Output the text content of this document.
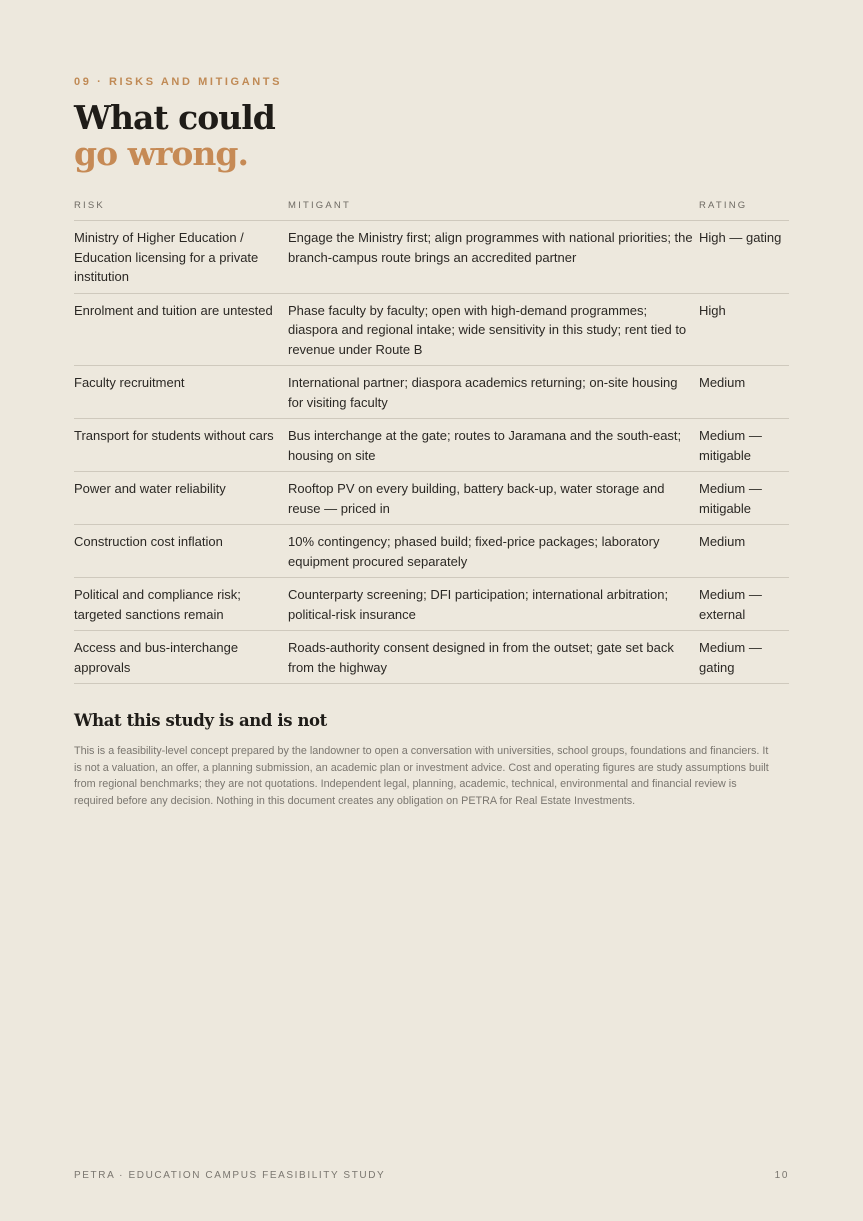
09 · RISKS AND MITIGANTS
What could
go wrong.
RISK	MITIGANT	RATING
Ministry of Higher Education / Education licensing for a private institution	Engage the Ministry first; align programmes with national priorities; the branch-campus route brings an accredited partner	High — gating
Enrolment and tuition are untested	Phase faculty by faculty; open with high-demand programmes; diaspora and regional intake; wide sensitivity in this study; rent tied to revenue under Route B	High
Faculty recruitment	International partner; diaspora academics returning; on-site housing for visiting faculty	Medium
Transport for students without cars	Bus interchange at the gate; routes to Jaramana and the south-east; housing on site	Medium — mitigable
Power and water reliability	Rooftop PV on every building, battery back-up, water storage and reuse — priced in	Medium — mitigable
Construction cost inflation	10% contingency; phased build; fixed-price packages; laboratory equipment procured separately	Medium
Political and compliance risk; targeted sanctions remain	Counterparty screening; DFI participation; international arbitration; political-risk insurance	Medium — external
Access and bus-interchange approvals	Roads-authority consent designed in from the outset; gate set back from the highway	Medium — gating
What this study is and is not
This is a feasibility-level concept prepared by the landowner to open a conversation with universities, school groups, foundations and financiers. It is not a valuation, an offer, a planning submission, an academic plan or investment advice. Cost and operating figures are study assumptions built from regional benchmarks; they are not quotations. Independent legal, planning, academic, technical, environmental and financial review is required before any decision. Nothing in this document creates any obligation on PETRA for Real Estate Investments.
PETRA · EDUCATION CAMPUS FEASIBILITY STUDY	10
